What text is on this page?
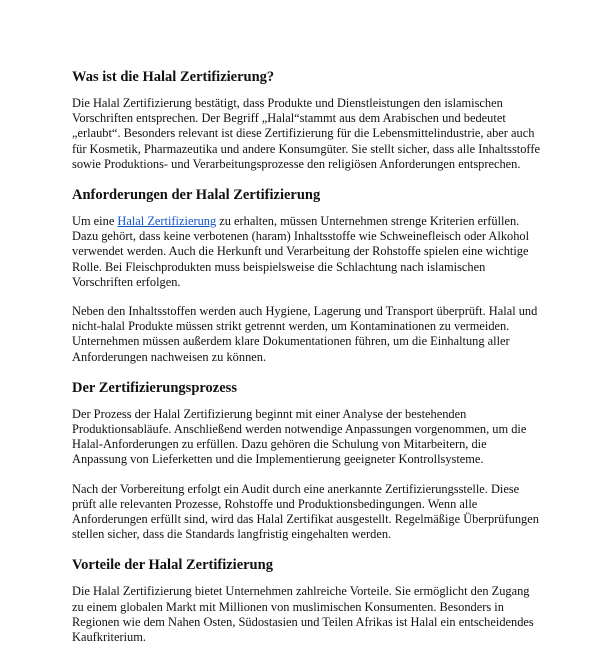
Was ist die Halal Zertifizierung?

Die Halal Zertifizierung bestätigt, dass Produkte und Dienstleistungen den islamischen Vorschriften entsprechen. Der Begriff „Halal“stammt aus dem Arabischen und bedeutet „erlaubt“. Besonders relevant ist diese Zertifizierung für die Lebensmittelindustrie, aber auch für Kosmetik, Pharmazeutika und andere Konsumgüter. Sie stellt sicher, dass alle Inhaltsstoffe sowie Produktions- und Verarbeitungsprozesse den religiösen Anforderungen entsprechen.

Anforderungen der Halal Zertifizierung

Um eine Halal Zertifizierung zu erhalten, müssen Unternehmen strenge Kriterien erfüllen. Dazu gehört, dass keine verbotenen (haram) Inhaltsstoffe wie Schweinefleisch oder Alkohol verwendet werden. Auch die Herkunft und Verarbeitung der Rohstoffe spielen eine wichtige Rolle. Bei Fleischprodukten muss beispielsweise die Schlachtung nach islamischen Vorschriften erfolgen.

Neben den Inhaltsstoffen werden auch Hygiene, Lagerung und Transport überprüft. Halal und nicht-halal Produkte müssen strikt getrennt werden, um Kontaminationen zu vermeiden. Unternehmen müssen außerdem klare Dokumentationen führen, um die Einhaltung aller Anforderungen nachweisen zu können.

Der Zertifizierungsprozess

Der Prozess der Halal Zertifizierung beginnt mit einer Analyse der bestehenden Produktionsabläufe. Anschließend werden notwendige Anpassungen vorgenommen, um die Halal-Anforderungen zu erfüllen. Dazu gehören die Schulung von Mitarbeitern, die Anpassung von Lieferketten und die Implementierung geeigneter Kontrollsysteme.

Nach der Vorbereitung erfolgt ein Audit durch eine anerkannte Zertifizierungsstelle. Diese prüft alle relevanten Prozesse, Rohstoffe und Produktionsbedingungen. Wenn alle Anforderungen erfüllt sind, wird das Halal Zertifikat ausgestellt. Regelmäßige Überprüfungen stellen sicher, dass die Standards langfristig eingehalten werden.

Vorteile der Halal Zertifizierung

Die Halal Zertifizierung bietet Unternehmen zahlreiche Vorteile. Sie ermöglicht den Zugang zu einem globalen Markt mit Millionen von muslimischen Konsumenten. Besonders in Regionen wie dem Nahen Osten, Südostasien und Teilen Afrikas ist Halal ein entscheidendes Kaufkriterium.
